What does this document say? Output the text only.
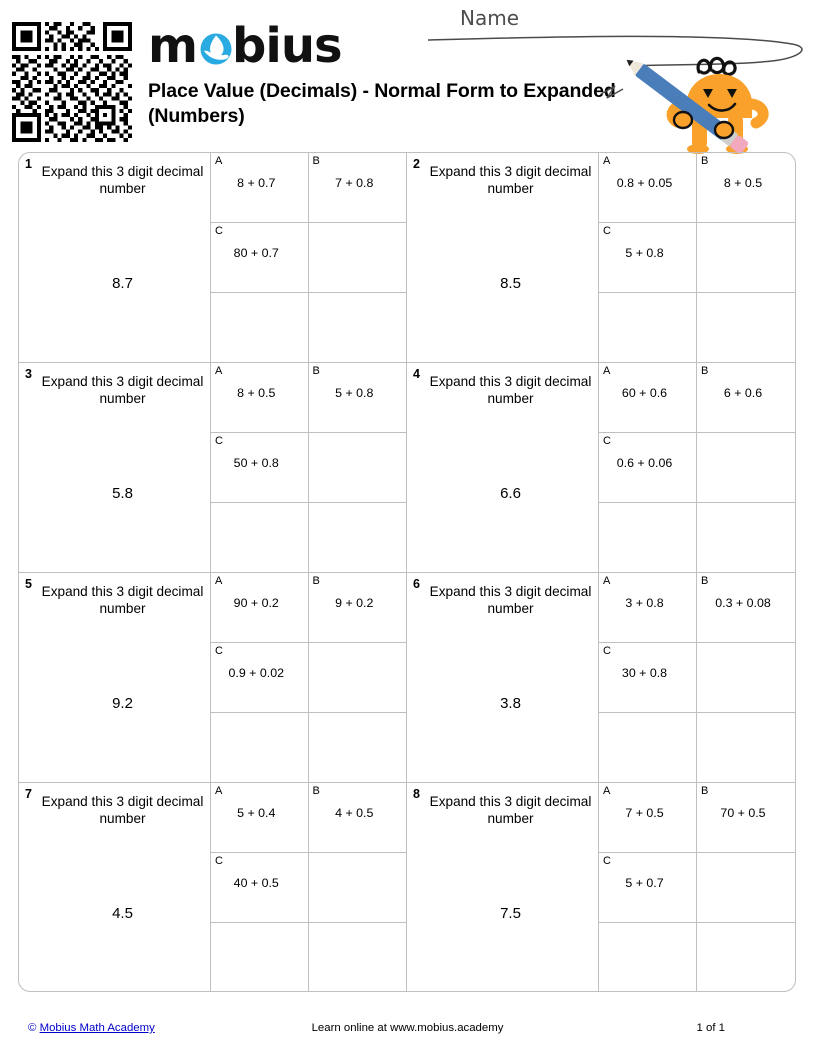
m bius
Place Value (Decimals) - Normal Form to Expanded (Numbers)
Name
1 Expand this 3 digit decimal number
8.7
A
8 + 0.7
B
7 + 0.8
C
80 + 0.7
2 Expand this 3 digit decimal number
8.5
A
0.8 + 0.05
B
8 + 0.5
C
5 + 0.8
3 Expand this 3 digit decimal number
5.8
A
8 + 0.5
B
5 + 0.8
C
50 + 0.8
4 Expand this 3 digit decimal number
6.6
A
60 + 0.6
B
6 + 0.6
C
0.6 + 0.06
5 Expand this 3 digit decimal number
9.2
A
90 + 0.2
B
9 + 0.2
C
0.9 + 0.02
6 Expand this 3 digit decimal number
3.8
A
3 + 0.8
B
0.3 + 0.08
C
30 + 0.8
7 Expand this 3 digit decimal number
4.5
A
5 + 0.4
B
4 + 0.5
C
40 + 0.5
8 Expand this 3 digit decimal number
7.5
A
7 + 0.5
B
70 + 0.5
C
5 + 0.7
© Mobius Math Academy	Learn online at www.mobius.academy	1 of 1
